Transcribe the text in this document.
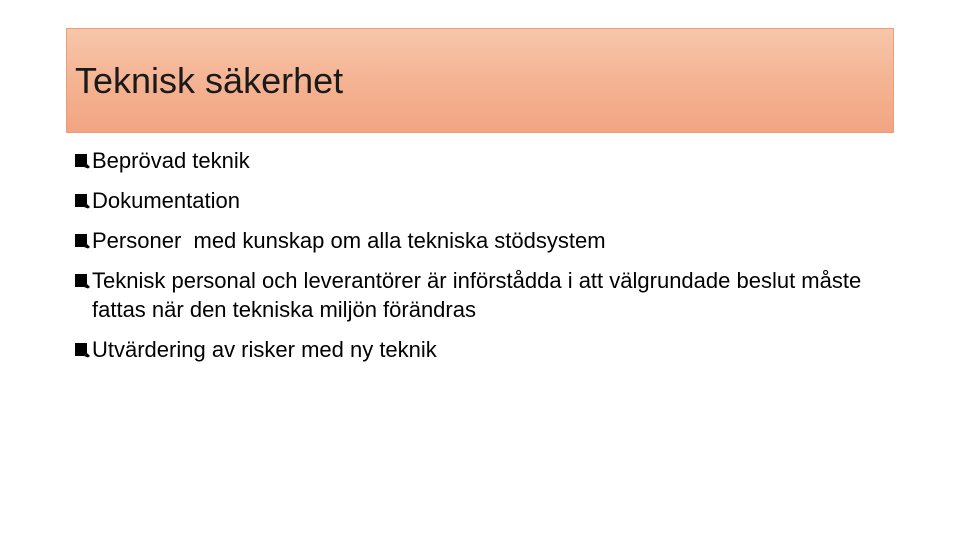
Teknisk säkerhet
Beprövad teknik
Dokumentation
Personer  med kunskap om alla tekniska stödsystem
Teknisk personal och leverantörer är införstådda i att välgrundade beslut måste fattas när den tekniska miljön förändras
Utvärdering av risker med ny teknik
